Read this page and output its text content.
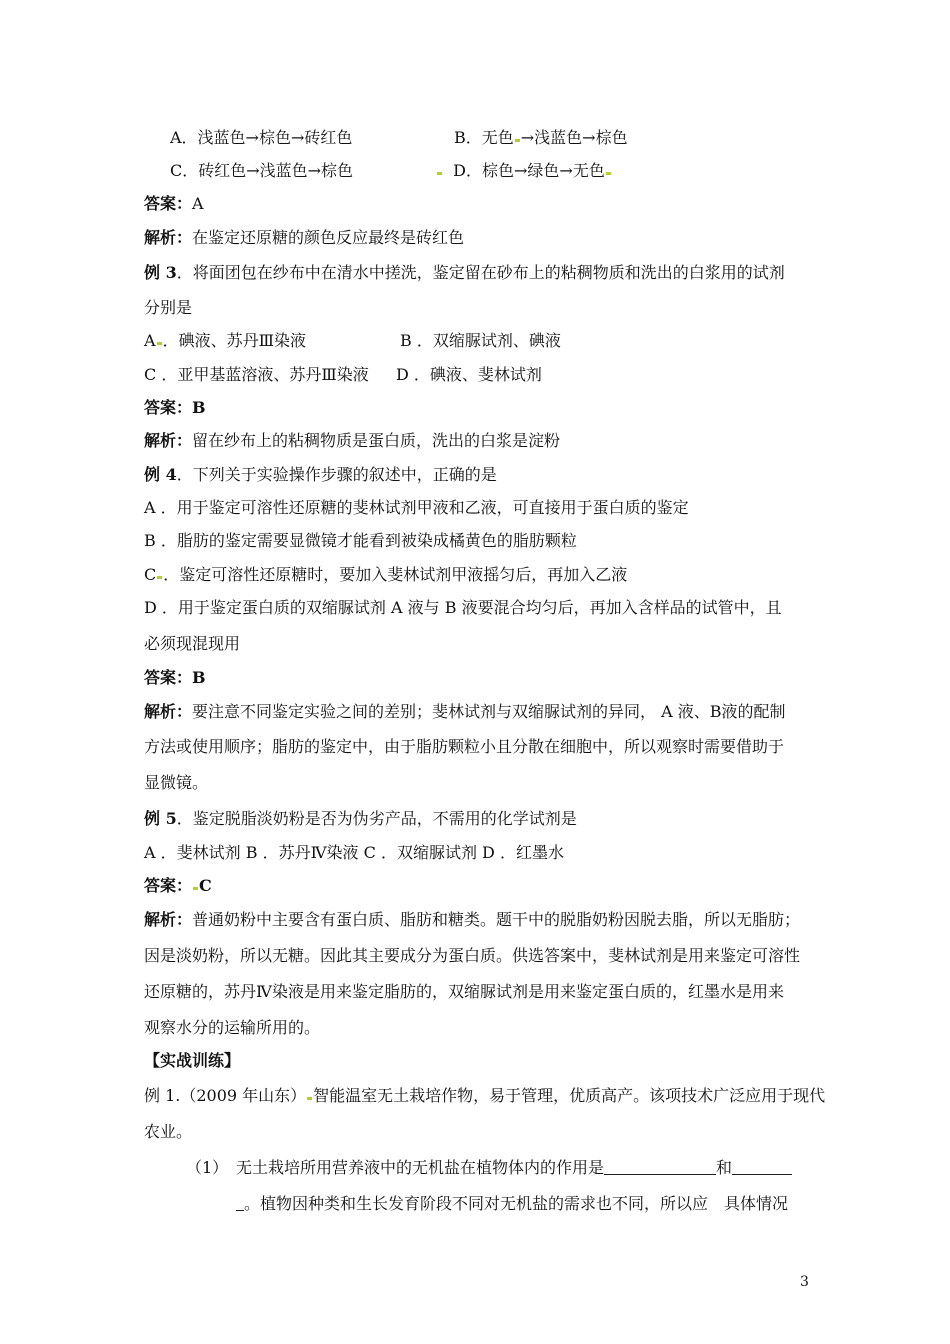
A．浅蓝色→棕色→砖红色	B．无色 →浅蓝色→棕色
C．砖红色→浅蓝色→棕色	D．棕色→绿色→无色
答案：A
解析：在鉴定还原糖的颜色反应最终是砖红色
例 3．将面团包在纱布中在清水中搓洗，鉴定留在砂布上的粘稠物质和洗出的白浆用的试剂
分别是
A ．碘液、苏丹Ⅲ染液	B ．双缩脲试剂、碘液
C ．亚甲基蓝溶液、苏丹Ⅲ染液 D ．碘液、斐林试剂
答案：B
解析：留在纱布上的粘稠物质是蛋白质，洗出的白浆是淀粉
例 4．下列关于实验操作步骤的叙述中，正确的是
A ．用于鉴定可溶性还原糖的斐林试剂甲液和乙液，可直接用于蛋白质的鉴定
B ．脂肪的鉴定需要显微镜才能看到被染成橘黄色的脂肪颗粒
C ．鉴定可溶性还原糖时，要加入斐林试剂甲液摇匀后，再加入乙液
D ．用于鉴定蛋白质的双缩脲试剂 A 液与 B 液要混合均匀后，再加入含样品的试管中，且
必须现混现用
答案：B
解析：要注意不同鉴定实验之间的差别；斐林试剂与双缩脲试剂的异同， A 液、B液的配制
方法或使用顺序；脂肪的鉴定中，由于脂肪颗粒小且分散在细胞中，所以观察时需要借助于
显微镜。
例 5．鉴定脱脂淡奶粉是否为伪劣产品，不需用的化学试剂是
A ．斐林试剂 B ．苏丹Ⅳ染液 C ．双缩脲试剂 D ．红墨水
答案： C
解析：普通奶粉中主要含有蛋白质、脂肪和糖类。题干中的脱脂奶粉因脱去脂，所以无脂肪；
因是淡奶粉，所以无糖。因此其主要成分为蛋白质。供选答案中，斐林试剂是用来鉴定可溶性
还原糖的，苏丹Ⅳ染液是用来鉴定脂肪的，双缩脲试剂是用来鉴定蛋白质的，红墨水是用来
观察水分的运输所用的。
【实战训练】
例 1.（2009 年山东） 智能温室无土栽培作物，易于管理，优质高产。该项技术广泛应用于现代
农业。
（1） 无土栽培所用营养液中的无机盐在植物体内的作用是	和
。植物因种类和生长发育阶段不同对无机盐的需求也不同，所以应　具体情况
3
